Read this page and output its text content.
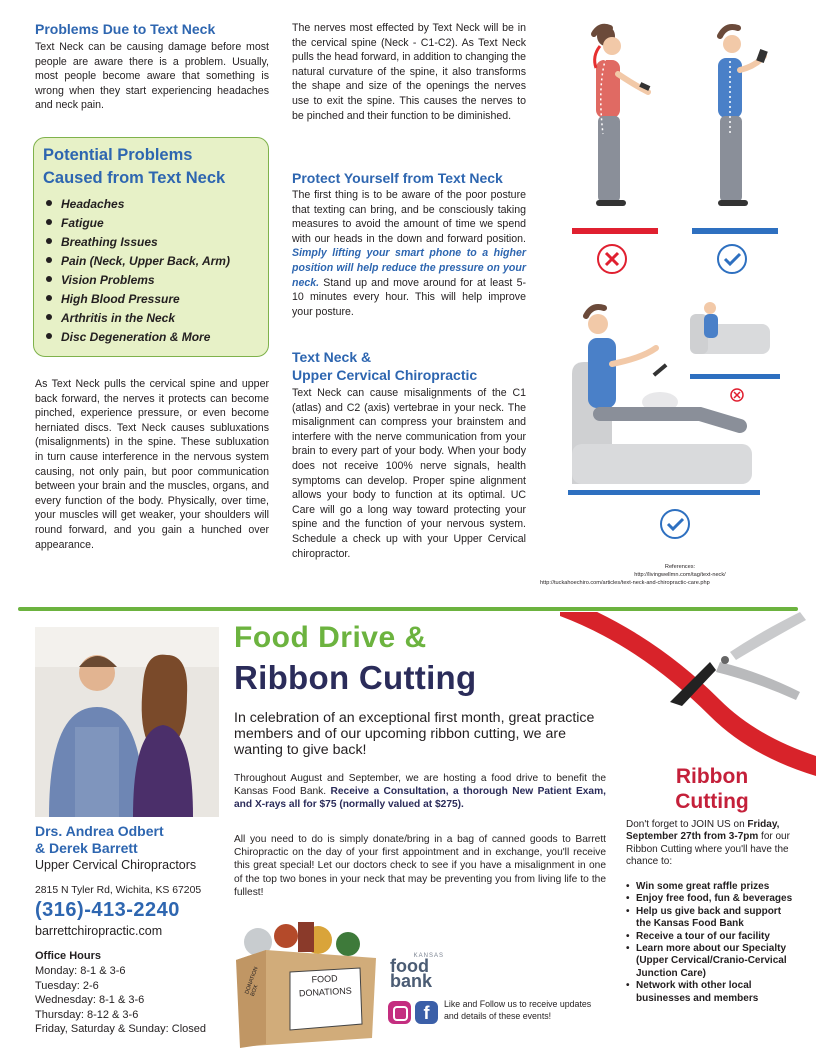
Problems Due to Text Neck

Text Neck can be causing damage before most people are aware there is a problem. Usually, most people become aware that something is wrong when they start experiencing headaches and neck pain.

Potential Problems
Caused from Text Neck
Headaches
Fatigue
Breathing Issues
Pain (Neck, Upper Back, Arm)
Vision Problems
High Blood Pressure
Arthritis in the Neck
Disc Degeneration & More

As Text Neck pulls the cervical spine and upper back forward, the nerves it protects can become pinched, experience pressure, or even become herniated discs. Text Neck causes subluxations (misalignments) in the spine. These subluxation in turn cause interference in the nervous system causing, not only pain, but poor communication between your brain and the muscles, organs, and every function of the body. Physically, over time, your muscles will get weaker, your shoulders will round forward, and you gain a hunched over appearance.

The nerves most effected by Text Neck will be in the cervical spine (Neck - C1-C2). As Text Neck pulls the head forward, in addition to changing the natural curvature of the spine, it also transforms the shape and size of the openings the nerves use to exit the spine. This causes the nerves to be pinched and their function to be diminished.

Protect Yourself from Text Neck

The first thing is to be aware of the poor posture that texting can bring, and be consciously taking measures to avoid the amount of time we spend with our heads in the down and forward position. Simply lifting your smart phone to a higher position will help reduce the pressure on your neck. Stand up and move around for at least 5-10 minutes every hour. This will help improve your posture.

Text Neck &
Upper Cervical Chiropractic

Text Neck can cause misalignments of the C1 (atlas) and C2 (axis) vertebrae in your neck. The misalignment can compress your brainstem and interfere with the nerve communication from your brain to every part of your body. When your body does not receive 100% nerve signals, health symptoms can develop. Proper spine alignment allows your body to function at its optimal. UC Care will go a long way toward protecting your spine and the function of your nervous system. Schedule a check up with your Upper Cervical chiropractor.

References:
http://livingwellmn.com/tag/text-neck/
http://tuckahoechiro.com/articles/text-neck-and-chiropractic-care.php
Drs. Andrea Odbert
& Derek Barrett
Upper Cervical Chiropractors
2815 N Tyler Rd, Wichita, KS 67205
(316)-413-2240
barrettchiropractic.com
Office Hours
Monday: 8-1 & 3-6
Tuesday: 2-6
Wednesday: 8-1 & 3-6
Thursday: 8-12 & 3-6
Friday, Saturday & Sunday: Closed
Food Drive &
Ribbon Cutting

In celebration of an exceptional first month, great practice members and of our upcoming ribbon cutting, we are wanting to give back!

Throughout August and September, we are hosting a food drive to benefit the Kansas Food Bank. Receive a Consultation, a thorough New Patient Exam, and X-rays all for $75 (normally valued at $275).

All you need to do is simply donate/bring in a bag of canned goods to Barrett Chiropractic on the day of your first appointment and in exchange, you'll receive this great special! Let our doctors check to see if you have a misalignment in one of the top two bones in your neck that may be preventing you from living life to the fullest!

FOOD
DONATIONS
DONATION BOX
KANSAS
food
bank
f	Like and Follow us to receive updates and details of these events!
Ribbon
Cutting

Don't forget to JOIN US on Friday, September 27th from 3-7pm for our Ribbon Cutting where you'll have the chance to:

• Win some great raffle prizes
• Enjoy free food, fun & beverages
• Help us give back and support the Kansas Food Bank
• Receive a tour of our facility
• Learn more about our Specialty (Upper Cervical/Cranio-Cervical Junction Care)
• Network with other local businesses and members
